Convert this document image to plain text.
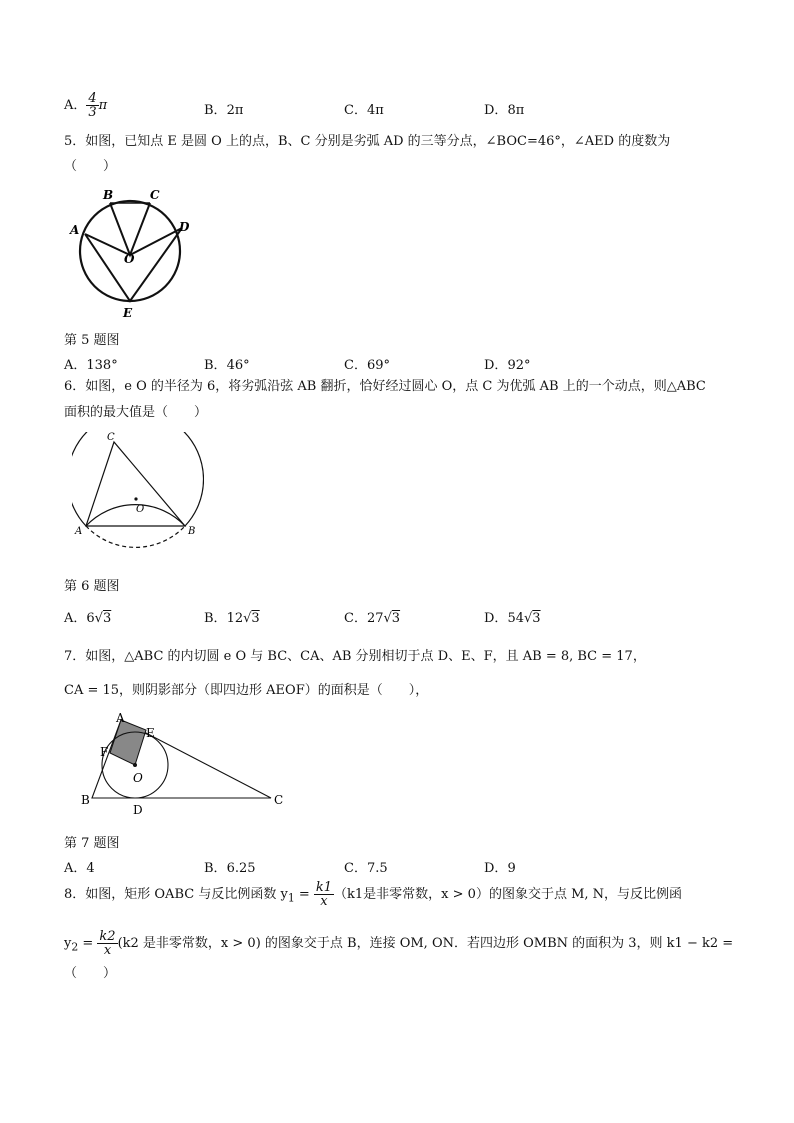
A． $\frac{4}{3}$ π	B．2π	C．4π	D．8π
5．如图，已知点 E 是圆 O 上的点，B、C 分别是劣弧 AD 的三等分点，∠BOC=46°，∠AED 的度数为
（　　）
A
B	C
D
O
E
第 5 题图
A．138°	B．46°	C．69°	D．92°
6．如图，e O 的半径为 6，将劣弧沿弦 AB 翻折，恰好经过圆心 O，点 C 为优弧 AB 上的一个动点，则△ABC
面积的最大值是（　　）
A	B
C
O
第 6 题图
A．6√3	B．12√3	C．27√3	D．54√3
7．如图，△ABC 的内切圆 e O 与 BC、CA、AB 分别相切于点 D、E、F，且 AB = 8, BC = 17，
CA = 15，则阴影部分（即四边形 AEOF）的面积是（　　），
A
E
F
O
B
D
C
第 7 题图
A．4	B．6.25	C．7.5	D．9
8．如图，矩形 OABC 与反比例函数 $y_1 = \frac{k1}{x} (k1$是非零常数，x > 0）的图象交于点 M, N，与反比例函
$y_2 = \frac{k2}{x} (k2$ 是非零常数，x > 0) 的图象交于点 B，连接 OM, ON．若四边形 OMBN 的面积为 3，则 k1 − k2 =
（　　）
